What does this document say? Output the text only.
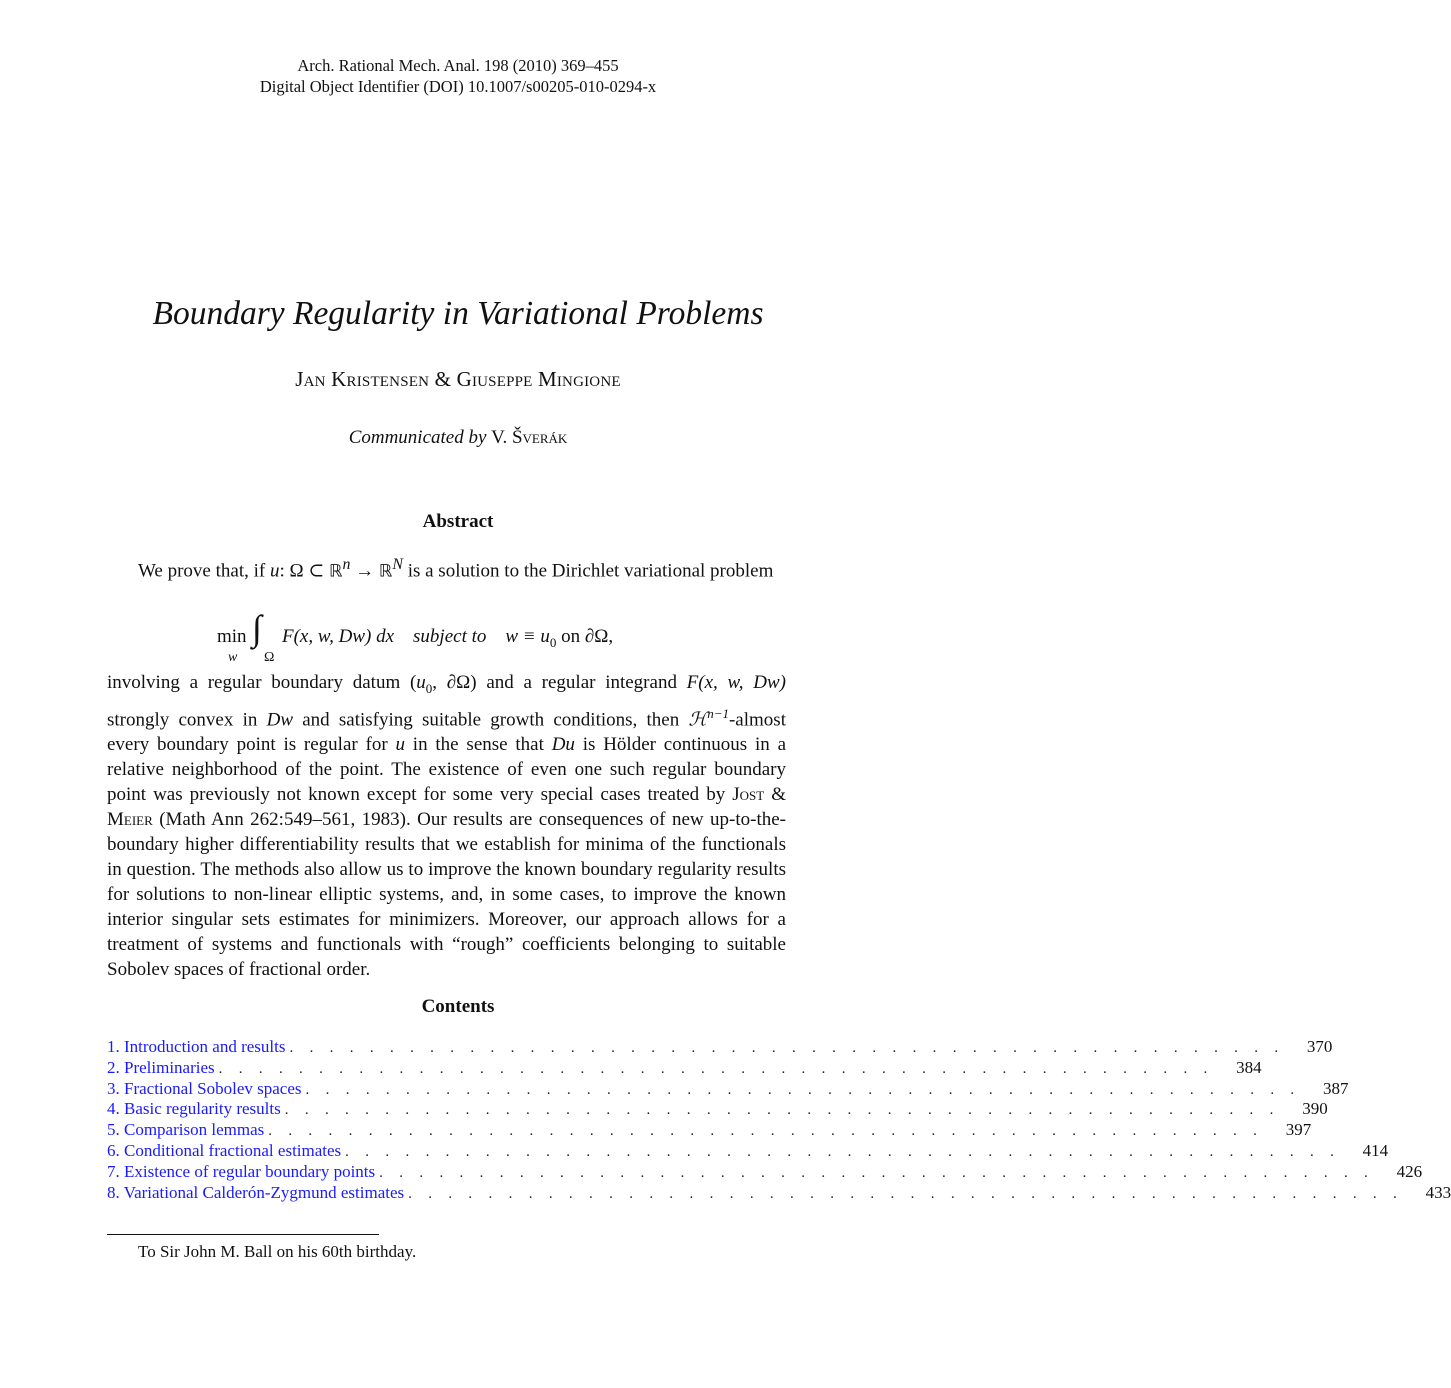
Arch. Rational Mech. Anal. 198 (2010) 369–455
Digital Object Identifier (DOI) 10.1007/s00205-010-0294-x
Boundary Regularity in Variational Problems
Jan Kristensen & Giuseppe Mingione
Communicated by V. Šverák
Abstract
We prove that, if u: Ω ⊂ ℝ$^n$ → ℝ$^N$ is a solution to the Dirichlet variational problem
min
w
∫
Ω
F(x, w, Dw) dx    subject to    $w \equiv u_0$ on ∂Ω,
involving a regular boundary datum ($u_0$, ∂Ω) and a regular integrand F(x, w, Dw) strongly convex in Dw and satisfying suitable growth conditions, then ℋ$^{n-1}$-almost every boundary point is regular for u in the sense that Du is Hölder continuous in a relative neighborhood of the point. The existence of even one such regular boundary point was previously not known except for some very special cases treated by Jost & Meier (Math Ann 262:549–561, 1983). Our results are consequences of new up-to-the-boundary higher differentiability results that we establish for minima of the functionals in question. The methods also allow us to improve the known boundary regularity results for solutions to non-linear elliptic systems, and, in some cases, to improve the known interior singular sets estimates for minimizers. Moreover, our approach allows for a treatment of systems and functionals with “rough” coefficients belonging to suitable Sobolev spaces of fractional order.
Contents
1. Introduction and results . . . . . . . . . . . . . . . . . . . . . . . . . . . . . . . . . . . . . . . . . . . . . . . . . .	370
2. Preliminaries . . . . . . . . . . . . . . . . . . . . . . . . . . . . . . . . . . . . . . . . . . . . . . . . . .	384
3. Fractional Sobolev spaces . . . . . . . . . . . . . . . . . . . . . . . . . . . . . . . . . . . . . . . . . . . . . . . . . .	387
4. Basic regularity results . . . . . . . . . . . . . . . . . . . . . . . . . . . . . . . . . . . . . . . . . . . . . . . . . .	390
5. Comparison lemmas . . . . . . . . . . . . . . . . . . . . . . . . . . . . . . . . . . . . . . . . . . . . . . . . . .	397
6. Conditional fractional estimates . . . . . . . . . . . . . . . . . . . . . . . . . . . . . . . . . . . . . . . . . . . . . . . . . .	414
7. Existence of regular boundary points . . . . . . . . . . . . . . . . . . . . . . . . . . . . . . . . . . . . . . . . . . . . . . . . . .	426
8. Variational Calderón-Zygmund estimates . . . . . . . . . . . . . . . . . . . . . . . . . . . . . . . . . . . . . . . . . . . . . . . . . .	433
To Sir John M. Ball on his 60th birthday.
